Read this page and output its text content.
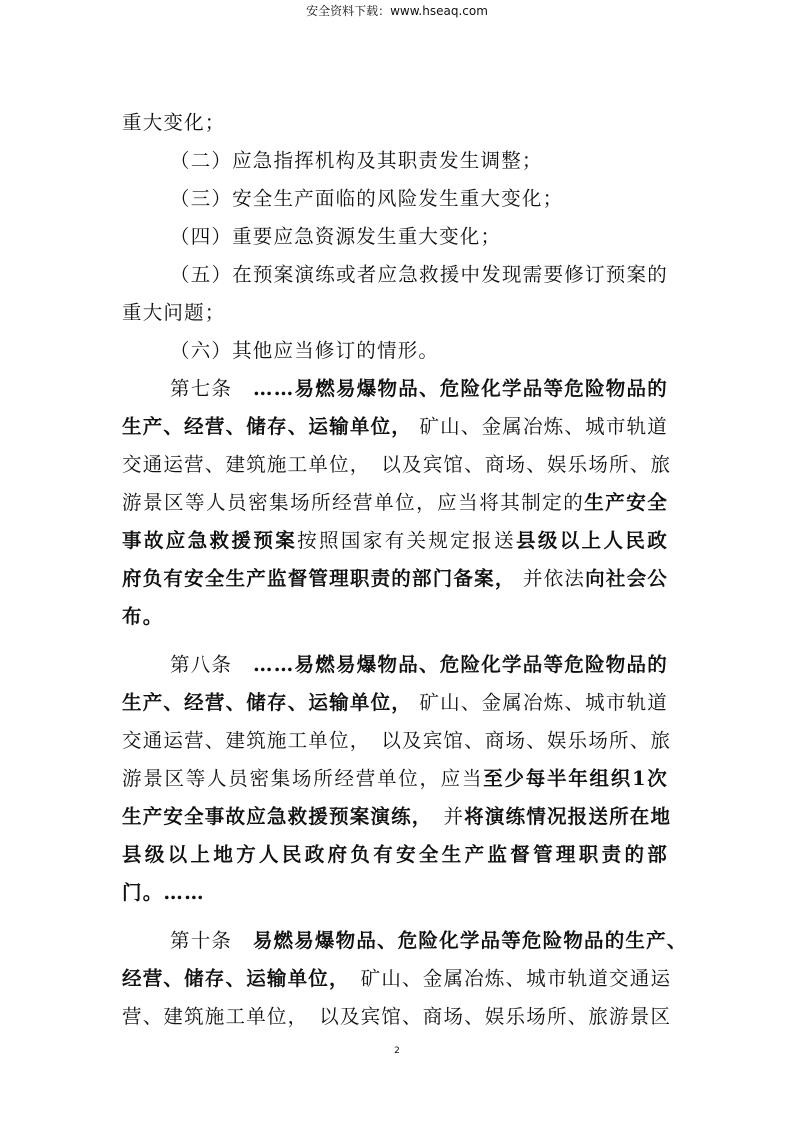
安全资料下载：www.hseaq.com
重大变化；
（二）应急指挥机构及其职责发生调整；
（三）安全生产面临的风险发生重大变化；
（四）重要应急资源发生重大变化；
（五）在预案演练或者应急救援中发现需要修订预案的
重大问题；
（六）其他应当修订的情形。
第七条　……易燃易爆物品、危险化学品等危险物品的
生产、经营、储存、运输单位， 矿山、金属冶炼、城市轨道
交通运营、建筑施工单位，　以及宾馆、商场、娱乐场所、旅
游景区等人员密集场所经营单位，应当将其制定的生产安全
事故应急救援预案按照国家有关规定报送县级以上人民政
府负有安全生产监督管理职责的部门备案， 并依法向社会公
布。
第八条　……易燃易爆物品、危险化学品等危险物品的
生产、经营、储存、运输单位， 矿山、金属冶炼、城市轨道
交通运营、建筑施工单位，　以及宾馆、商场、娱乐场所、旅
游景区等人员密集场所经营单位，应当至少每半年组织1次
生产安全事故应急救援预案演练，　并将演练情况报送所在地
县级以上地方人民政府负有安全生产监督管理职责的部
门。……
第十条　易燃易爆物品、危险化学品等危险物品的生产、
经营、储存、运输单位，　矿山、金属冶炼、城市轨道交通运
营、建筑施工单位，　以及宾馆、商场、娱乐场所、旅游景区
2
